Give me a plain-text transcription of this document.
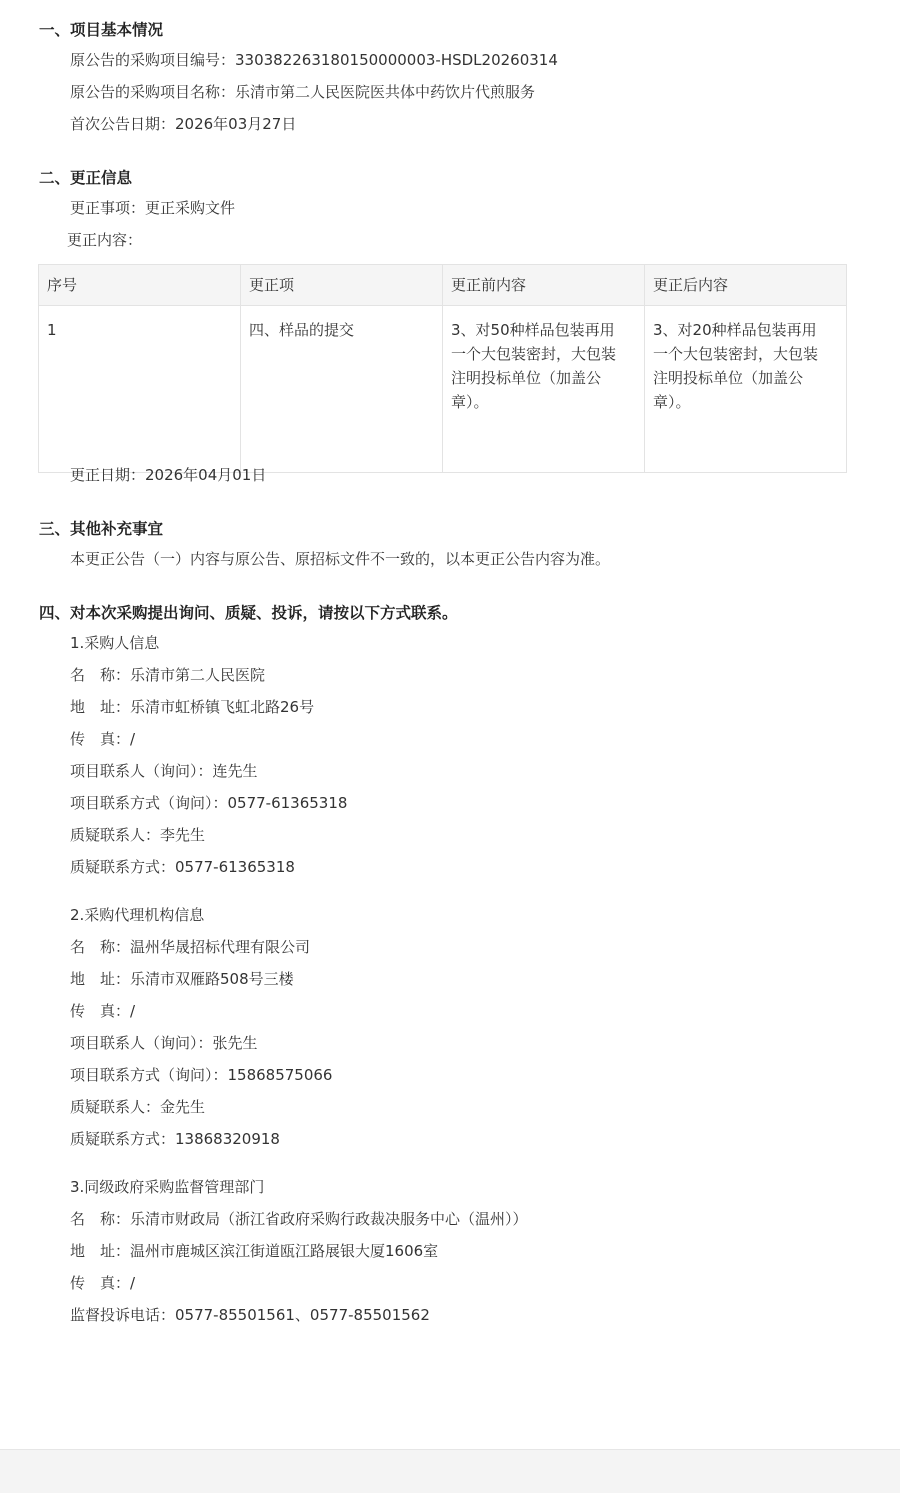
一、项目基本情况
原公告的采购项目编号：330382263180150000003-HSDL20260314
原公告的采购项目名称：乐清市第二人民医院医共体中药饮片代煎服务
首次公告日期：2026年03月27日
二、更正信息
更正事项：更正采购文件
更正内容：
序号	更正项	更正前内容	更正后内容
1	四、样品的提交	3、对50种样品包装再用一个大包装密封，大包装注明投标单位（加盖公章）。	3、对20种样品包装再用一个大包装密封，大包装注明投标单位（加盖公章）。
更正日期：2026年04月01日
三、其他补充事宜
本更正公告（一）内容与原公告、原招标文件不一致的，以本更正公告内容为准。
四、对本次采购提出询问、质疑、投诉，请按以下方式联系。
1.采购人信息
名　称：乐清市第二人民医院
地　址：乐清市虹桥镇飞虹北路26号
传　真：/
项目联系人（询问）：连先生
项目联系方式（询问）：0577-61365318
质疑联系人：李先生
质疑联系方式：0577-61365318
2.采购代理机构信息
名　称：温州华晟招标代理有限公司
地　址：乐清市双雁路508号三楼
传　真：/
项目联系人（询问）：张先生
项目联系方式（询问）：15868575066
质疑联系人：金先生
质疑联系方式：13868320918
3.同级政府采购监督管理部门
名　称：乐清市财政局（浙江省政府采购行政裁决服务中心（温州））
地　址：温州市鹿城区滨江街道瓯江路展银大厦1606室
传　真：/
监督投诉电话：0577-85501561、0577-85501562
